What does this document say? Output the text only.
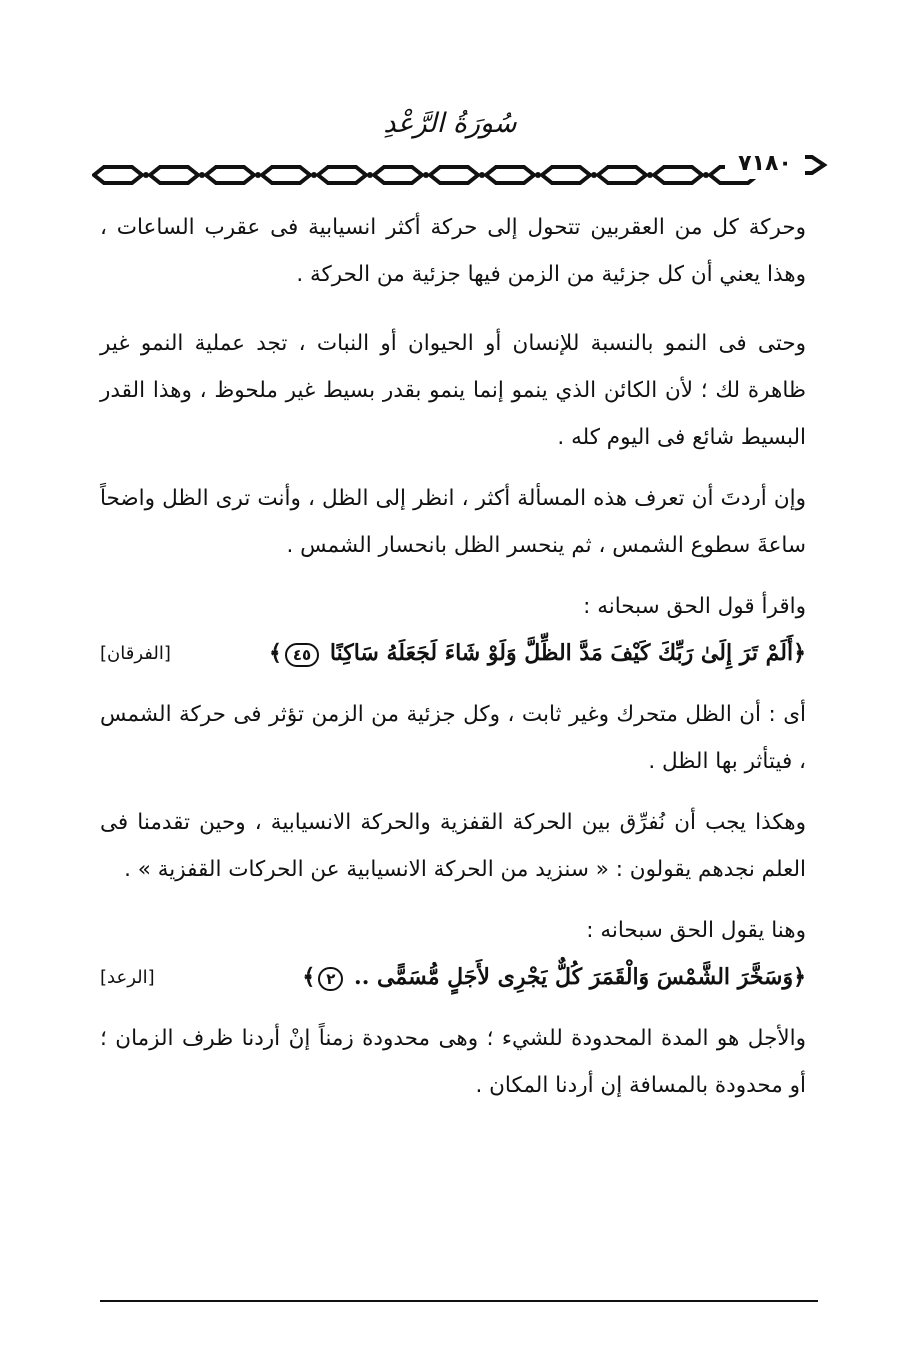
سُورَةُ الرَّعْدِ
٧١٨٠

وحركة كل من العقربين تتحول إلى حركة أكثر انسيابية فى عقرب الساعات ، وهذا يعني أن كل جزئية من الزمن فيها جزئية من الحركة .

وحتى فى النمو بالنسبة للإنسان أو الحيوان أو النبات ، تجد عملية النمو غير ظاهرة لك ؛ لأن الكائن الذي ينمو إنما ينمو بقدر بسيط غير ملحوظ ، وهذا القدر البسيط شائع فى اليوم كله .

وإن أردتَ أن تعرف هذه المسألة أكثر ، انظر إلى الظل ، وأنت ترى الظل واضحاً ساعةَ سطوع الشمس ، ثم ينحسر الظل بانحسار الشمس .

واقرأ قول الحق سبحانه :

﴿أَلَمْ تَرَ إِلَىٰ رَبِّكَ كَيْفَ مَدَّ الظِّلَّ وَلَوْ شَاءَ لَجَعَلَهُ سَاكِنًا ٤٥﴾
[الفرقان]

أى : أن الظل متحرك وغير ثابت ، وكل جزئية من الزمن تؤثر فى حركة الشمس ، فيتأثر بها الظل .

وهكذا يجب أن نُفرِّق بين الحركة القفزية والحركة الانسيابية ، وحين تقدمنا فى العلم نجدهم يقولون : « سنزيد من الحركة الانسيابية عن الحركات القفزية » .

وهنا يقول الحق سبحانه :

﴿وَسَخَّرَ الشَّمْسَ وَالْقَمَرَ كُلٌّ يَجْرِى لأَجَلٍ مُّسَمًّى .. ٢﴾
[الرعد]

والأجل هو المدة المحدودة للشيء ؛ وهى محدودة زمناً إنْ أردنا ظرف الزمان ؛ أو محدودة بالمسافة إن أردنا المكان .
